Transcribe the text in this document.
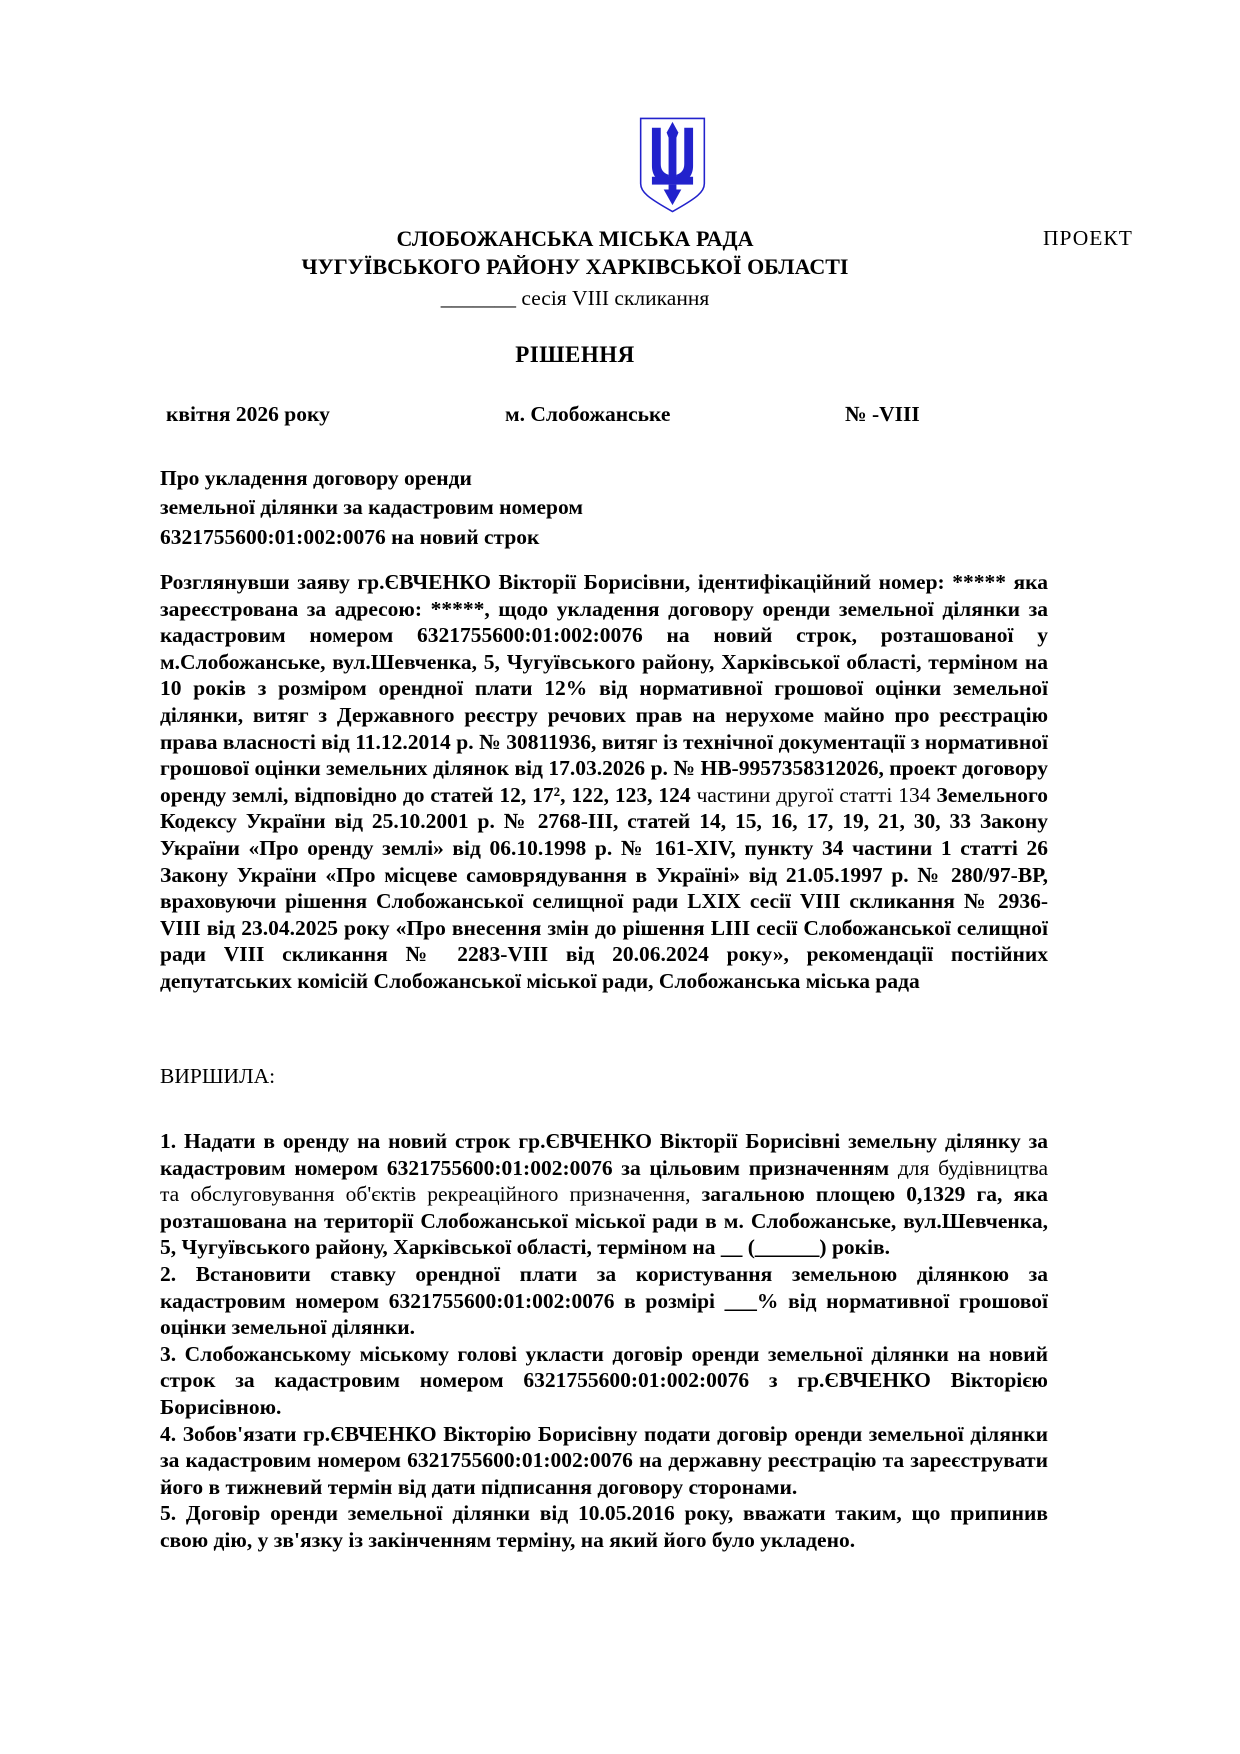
ПРОЕКТ
СЛОБОЖАНСЬКА МІСЬКА РАДА
ЧУГУЇВСЬКОГО РАЙОНУ ХАРКІВСЬКОЇ ОБЛАСТІ
_______ сесія VIII скликання
РІШЕННЯ
квітня 2026 року	м. Слобожанське	№ -VIII
Про укладення договору оренди
земельної ділянки за кадастровим номером
6321755600:01:002:0076 на новий строк

Розглянувши заяву гр.ЄВЧЕНКО Вікторії Борисівни, ідентифікаційний номер: ***** яка зареєстрована за адресою: *****, щодо укладення договору оренди земельної ділянки за кадастровим номером 6321755600:01:002:0076 на новий строк, розташованої у м.Слобожанське, вул.Шевченка, 5, Чугуївського району, Харківської області, терміном на 10 років з розміром орендної плати 12% від нормативної грошової оцінки земельної ділянки, витяг з Державного реєстру речових прав на нерухоме майно про реєстрацію права власності від 11.12.2014 р. № 30811936, витяг із технічної документації з нормативної грошової оцінки земельних ділянок від 17.03.2026 р. № НВ-9957358312026, проект договору оренду землі, відповідно до статей 12, 17², 122, 123, 124 частини другої статті 134 Земельного Кодексу України від 25.10.2001 р. № 2768-III, статей 14, 15, 16, 17, 19, 21, 30, 33 Закону України «Про оренду землі» від 06.10.1998 р. № 161-XIV, пункту 34 частини 1 статті 26 Закону України «Про місцеве самоврядування в Україні» від 21.05.1997 р. № 280/97-ВР, враховуючи рішення Слобожанської селищної ради LXIX сесії VIII скликання № 2936-VIII від 23.04.2025 року «Про внесення змін до рішення LIII сесії Слобожанської селищної ради VIII скликання № 2283-VIII від 20.06.2024 року», рекомендації постійних депутатських комісій Слобожанської міської ради, Слобожанська міська рада

ВИРШИЛА:

1. Надати в оренду на новий строк гр.ЄВЧЕНКО Вікторії Борисівні земельну ділянку за кадастровим номером 6321755600:01:002:0076 за цільовим призначенням для будівництва та обслуговування об'єктів рекреаційного призначення, загальною площею 0,1329 га, яка розташована на території Слобожанської міської ради в м. Слобожанське, вул.Шевченка, 5, Чугуївського району, Харківської області, терміном на __ (______) років.

2. Встановити ставку орендної плати за користування земельною ділянкою за кадастровим номером 6321755600:01:002:0076 в розмірі ___% від нормативної грошової оцінки земельної ділянки.

3. Слобожанському міському голові укласти договір оренди земельної ділянки на новий строк за кадастровим номером 6321755600:01:002:0076 з гр.ЄВЧЕНКО Вікторією Борисівною.

4. Зобов'язати гр.ЄВЧЕНКО Вікторію Борисівну подати договір оренди земельної ділянки за кадастровим номером 6321755600:01:002:0076 на державну реєстрацію та зареєструвати його в тижневий термін від дати підписання договору сторонами.

5. Договір оренди земельної ділянки від 10.05.2016 року, вважати таким, що припинив свою дію, у зв'язку із закінченням терміну, на який його було укладено.
